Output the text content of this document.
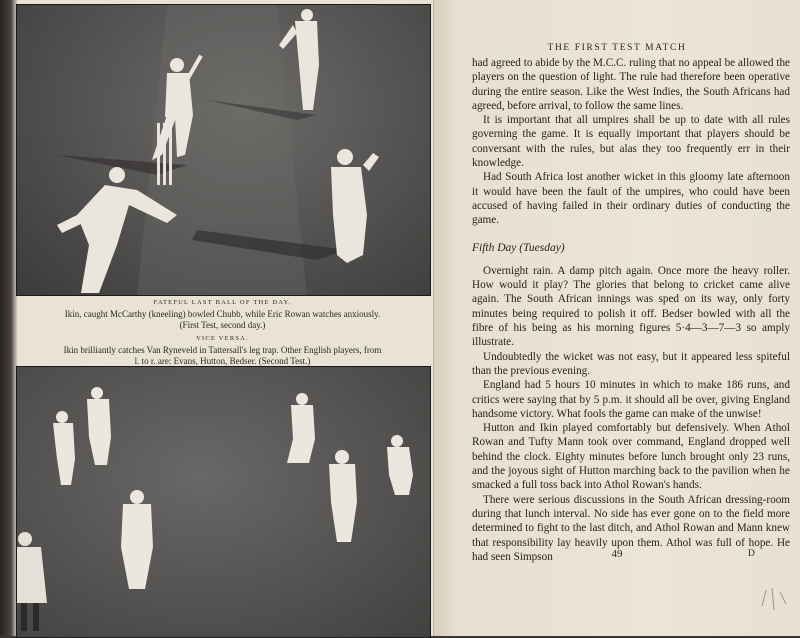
FATEFUL LAST BALL OF THE DAY.
Ikin, caught McCarthy (kneeling) bowled Chubb, while Eric Rowan watches anxiously.
(First Test, second day.)
VICE VERSA.
Ikin brilliantly catches Van Ryneveld in Tattersall's leg trap. Other English players, from
l. to r. are: Evans, Hutton, Bedser. (Second Test.)
THE FIRST TEST MATCH

had agreed to abide by the M.C.C. ruling that no appeal be allowed the players on the question of light. The rule had therefore been operative during the entire season. Like the West Indies, the South Africans had agreed, before arrival, to follow the same lines.

It is important that all umpires shall be up to date with all rules governing the game. It is equally important that players should be conversant with the rules, but alas they too frequently err in their knowledge.

Had South Africa lost another wicket in this gloomy late afternoon it would have been the fault of the umpires, who could have been accused of having failed in their ordinary duties of conducting the game.

Fifth Day (Tuesday)

Overnight rain. A damp pitch again. Once more the heavy roller. How would it play? The glories that belong to cricket came alive again. The South African innings was sped on its way, only forty minutes being required to polish it off. Bedser bowled with all the fibre of his being as his morning figures 5·4—3—7—3 so amply illustrate.

Undoubtedly the wicket was not easy, but it appeared less spiteful than the previous evening.

England had 5 hours 10 minutes in which to make 186 runs, and critics were saying that by 5 p.m. it should all be over, giving England handsome victory. What fools the game can make of the unwise!

Hutton and Ikin played comfortably but defensively. When Athol Rowan and Tufty Mann took over command, England dropped well behind the clock. Eighty minutes before lunch brought only 23 runs, and the joyous sight of Hutton marching back to the pavilion when he smacked a full toss back into Athol Rowan's hands.

There were serious discussions in the South African dressing-room during that lunch interval. No side has ever gone on to the field more determined to fight to the last ditch, and Athol Rowan and Mann knew that responsibility lay heavily upon them. Athol was full of hope. He had seen Simpson	49	D
